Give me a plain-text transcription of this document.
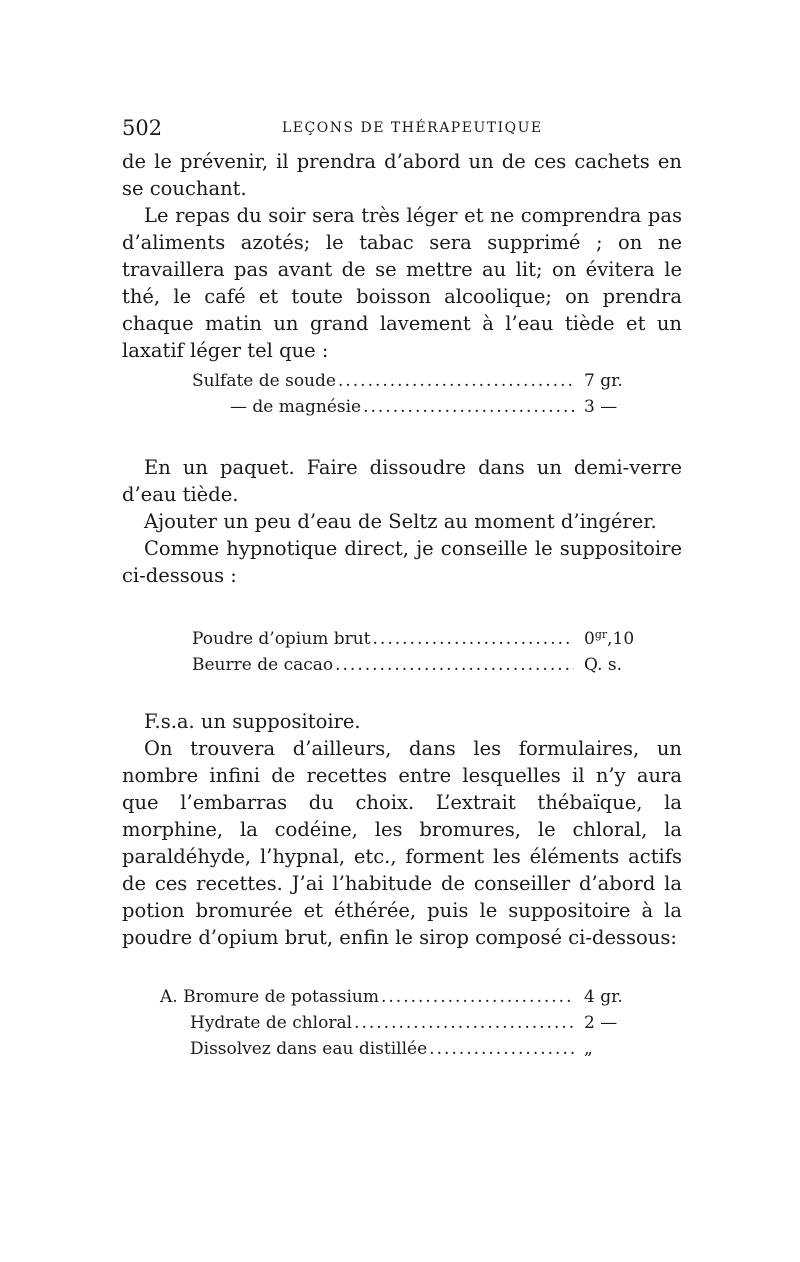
502	LEÇONS DE THÉRAPEUTIQUE

de le prévenir, il prendra d’abord un de ces cachets en se couchant.

Le repas du soir sera très léger et ne comprendra pas d’aliments azotés; le tabac sera supprimé ; on ne travaillera pas avant de se mettre au lit; on évitera le thé, le café et toute boisson alcoolique; on prendra chaque matin un grand lavement à l’eau tiède et un laxatif léger tel que :

Sulfate de soude .....	7 gr.
— de magnésie .....	3 —

En un paquet. Faire dissoudre dans un demi-verre d’eau tiède.

Ajouter un peu d’eau de Seltz au moment d’ingérer.

Comme hypnotique direct, je conseille le suppositoire ci-dessous :

Poudre d’opium brut .....	$0^{gr},10$
Beurre de cacao .....	Q. s.

F.s.a. un suppositoire.

On trouvera d’ailleurs, dans les formulaires, un nombre infini de recettes entre lesquelles il n’y aura que l’embarras du choix. L’extrait thébaïque, la morphine, la codéine, les bromures, le chloral, la paraldéhyde, l’hypnal, etc., forment les éléments actifs de ces recettes. J’ai l’habitude de conseiller d’abord la potion bromurée et éthérée, puis le suppositoire à la poudre d’opium brut, enfin le sirop composé ci-dessous:

A. Bromure de potassium .....	4 gr.
Hydrate de chloral .....	2 —
Dissolvez dans eau distillée .....	„
